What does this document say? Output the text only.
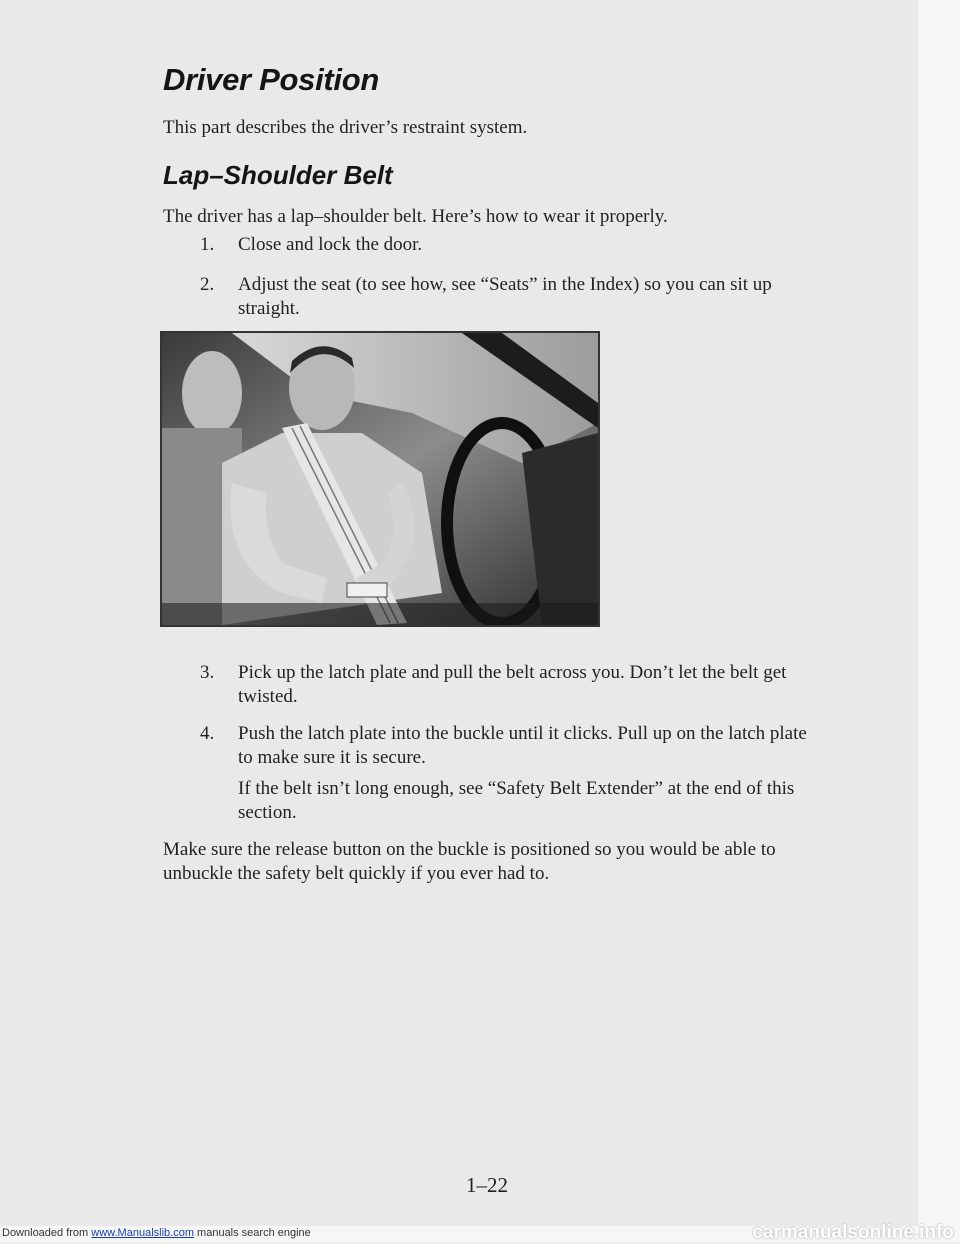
Driver Position

This part describes the driver’s restraint system.

Lap–Shoulder Belt

The driver has a lap–shoulder belt. Here’s how to wear it properly.

1.	Close and lock the door.
2.	Adjust the seat (to see how, see “Seats” in the Index) so you can sit up straight.
3.	Pick up the latch plate and pull the belt across you. Don’t let the belt get twisted.
4.	Push the latch plate into the buckle until it clicks. Pull up on the latch plate to make sure it is secure.

If the belt isn’t long enough, see “Safety Belt Extender” at the end of this section.

Make sure the release button on the buckle is positioned so you would be able to unbuckle the safety belt quickly if you ever had to.

1–22
Downloaded from www.Manualslib.com manuals search engine	carmanualsonline.info
